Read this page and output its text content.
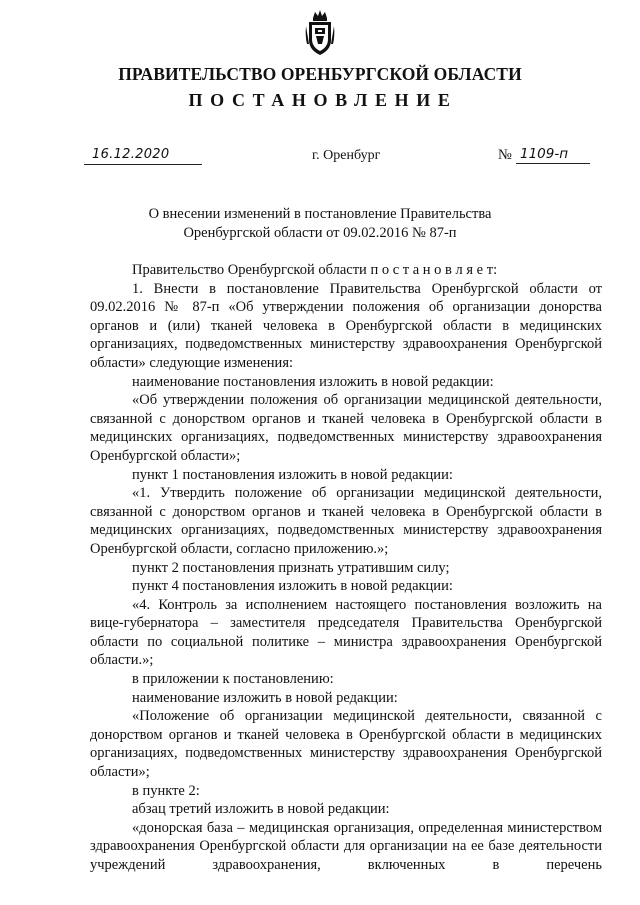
ПРАВИТЕЛЬСТВО ОРЕНБУРГСКОЙ ОБЛАСТИ
ПОСТАНОВЛЕНИЕ
16.12.2020	г. Оренбург	№ 1109-п
О внесении изменений в постановление Правительства
Оренбургской области от 09.02.2016 № 87-п

Правительство Оренбургской области п о с т а н о в л я е т:

1. Внести в постановление Правительства Оренбургской области от 09.02.2016 № 87-п «Об утверждении положения об организации донорства органов и (или) тканей человека в Оренбургской области в медицинских организациях, подведомственных министерству здравоохранения Оренбургской области» следующие изменения:

наименование постановления изложить в новой редакции:

«Об утверждении положения об организации медицинской деятельности, связанной с донорством органов и тканей человека в Оренбургской области в медицинских организациях, подведомственных министерству здравоохранения Оренбургской области»;

пункт 1 постановления изложить в новой редакции:

«1. Утвердить положение об организации медицинской деятельности, связанной с донорством органов и тканей человека в Оренбургской области в медицинских организациях, подведомственных министерству здравоохранения Оренбургской области, согласно приложению.»;

пункт 2 постановления признать утратившим силу;

пункт 4 постановления изложить в новой редакции:

«4. Контроль за исполнением настоящего постановления возложить на вице-губернатора – заместителя председателя Правительства Оренбургской области по социальной политике – министра здравоохранения Оренбургской области.»;

в приложении к постановлению:

наименование изложить в новой редакции:

«Положение об организации медицинской деятельности, связанной с донорством органов и тканей человека в Оренбургской области в медицинских организациях, подведомственных министерству здравоохранения Оренбургской области»;

в пункте 2:

абзац третий изложить в новой редакции:

«донорская база – медицинская организация, определенная министерством здравоохранения Оренбургской области для организации на ее базе деятельности учреждений здравоохранения, включенных в перечень
